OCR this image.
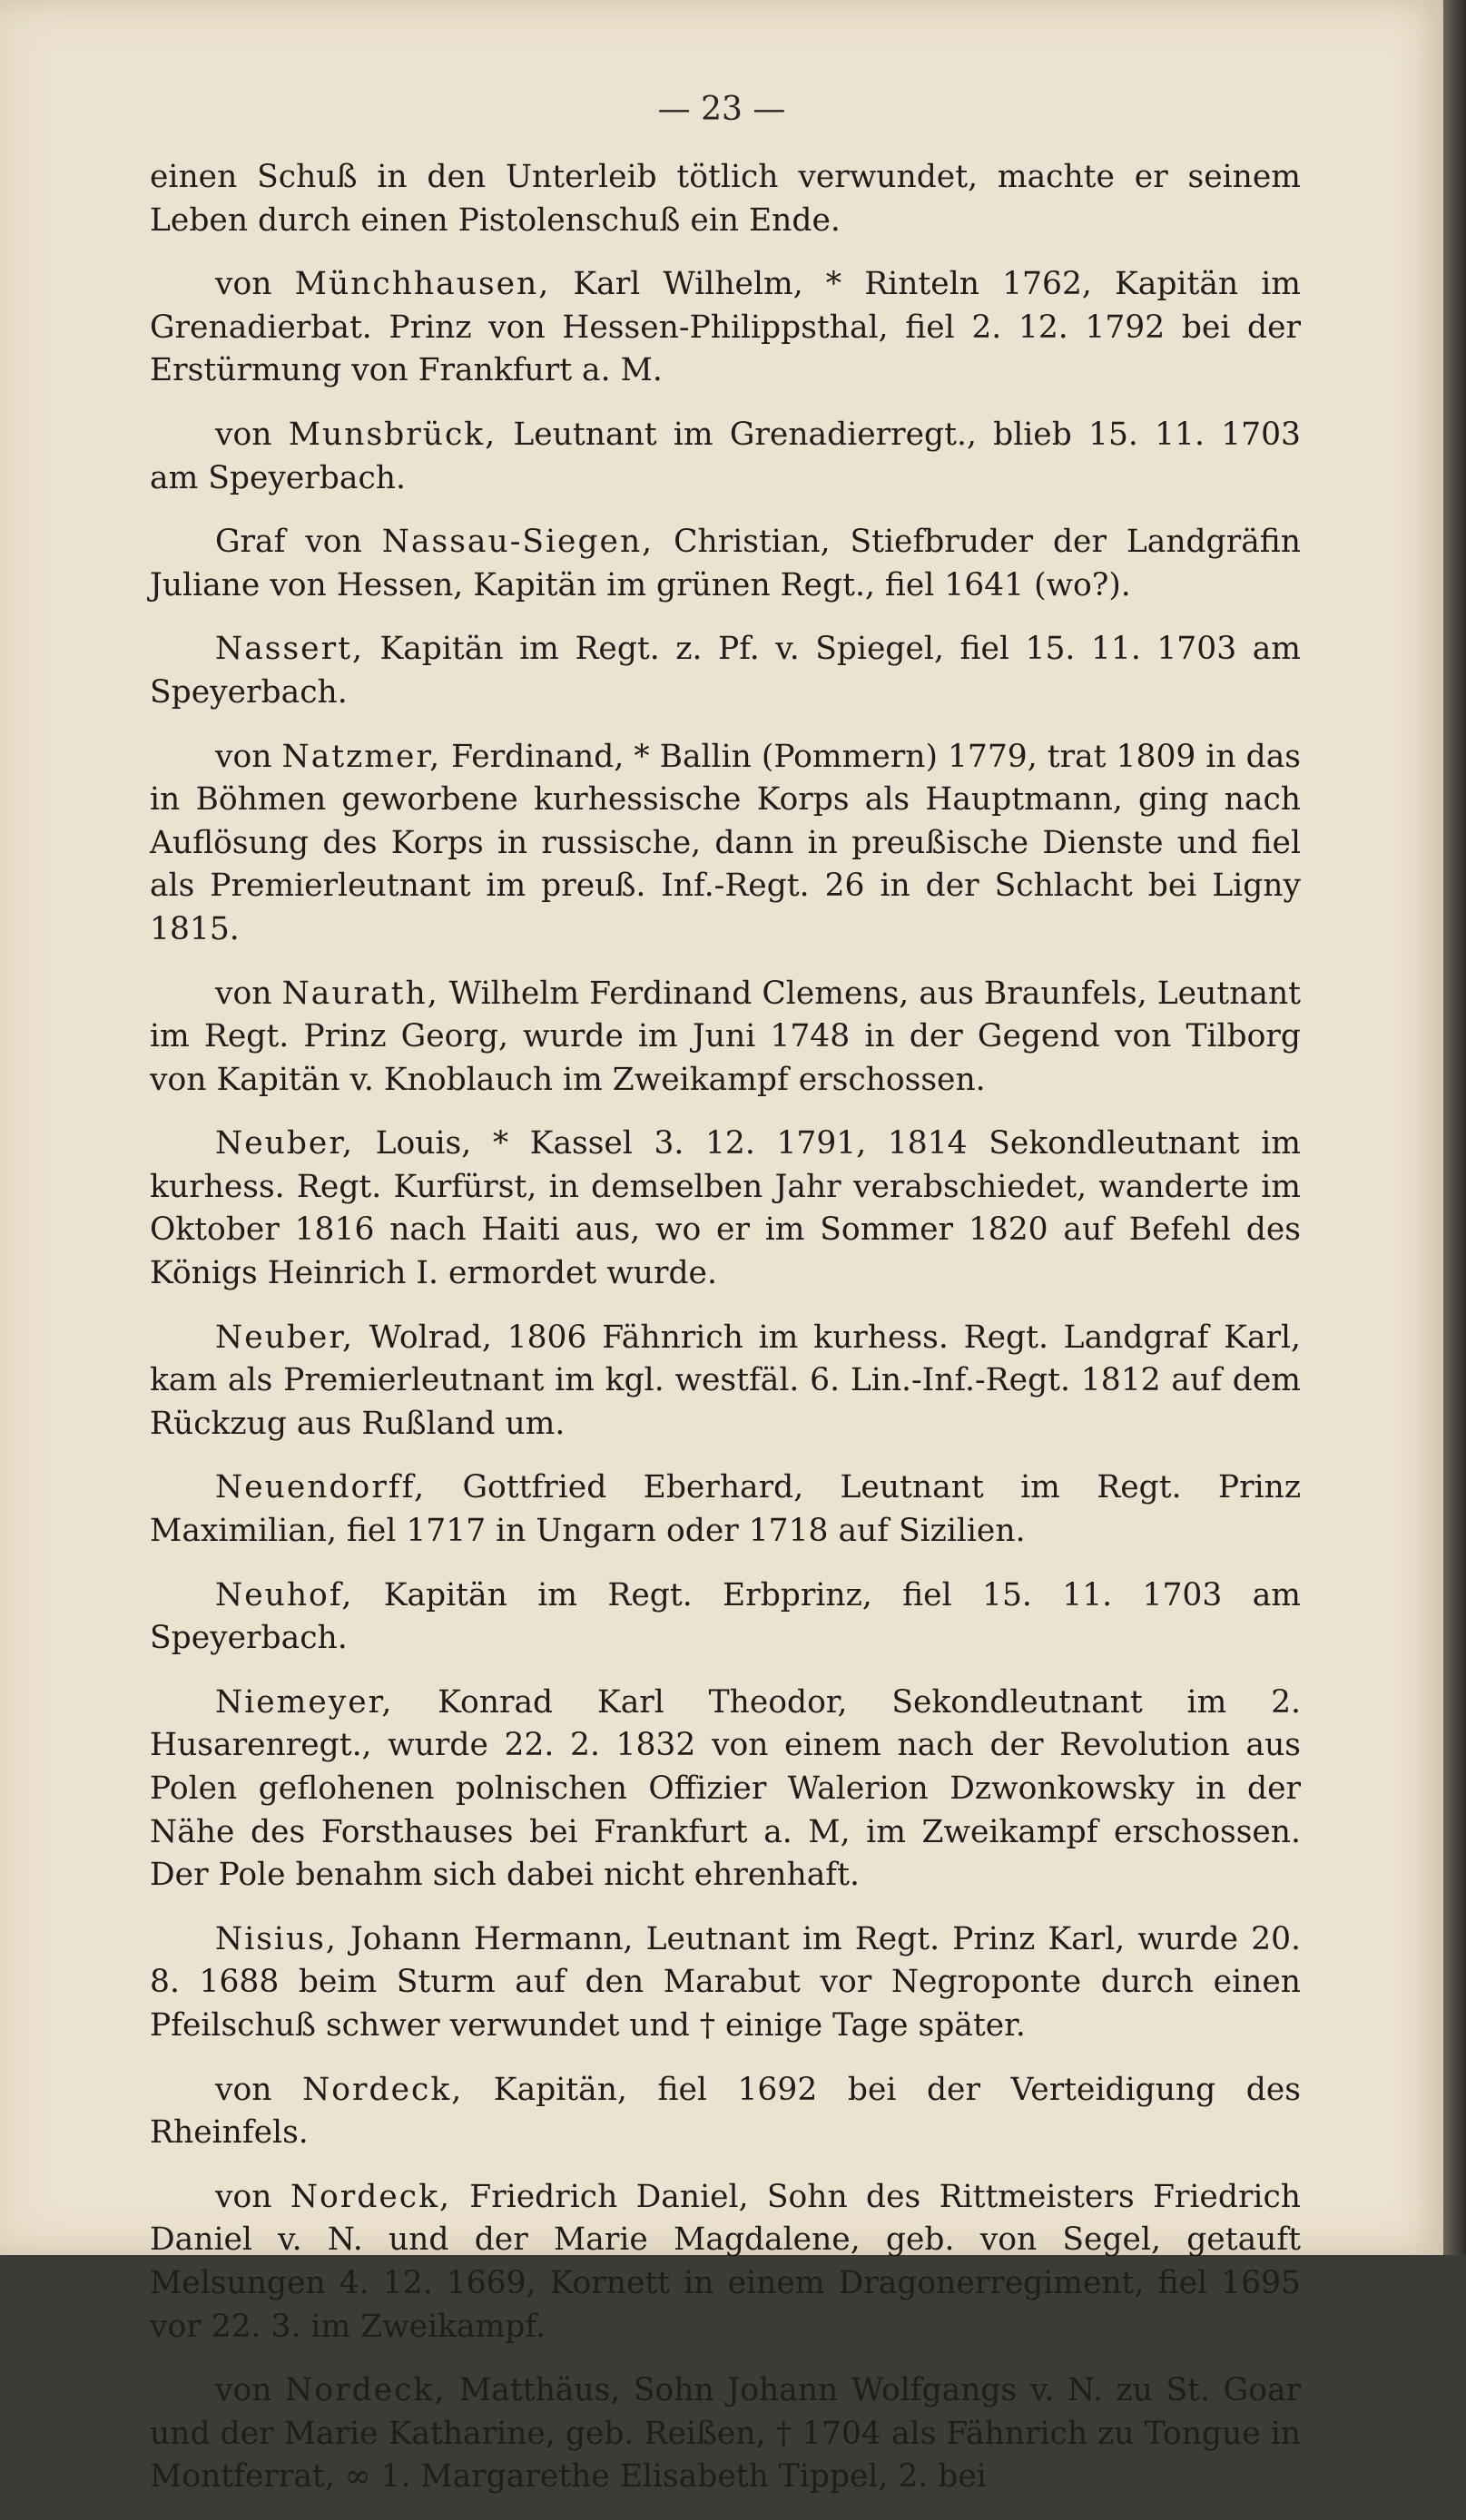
— 23 —

einen Schuß in den Unterleib tötlich verwundet, machte er seinem Leben durch einen Pistolenschuß ein Ende.

von Münchhausen, Karl Wilhelm, * Rinteln 1762, Kapitän im Grenadierbat. Prinz von Hessen-Philippsthal, fiel 2. 12. 1792 bei der Erstürmung von Frankfurt a. M.

von Munsbrück, Leutnant im Grenadierregt., blieb 15. 11. 1703 am Speyerbach.

Graf von Nassau-Siegen, Christian, Stiefbruder der Landgräfin Juliane von Hessen, Kapitän im grünen Regt., fiel 1641 (wo?).

Nassert, Kapitän im Regt. z. Pf. v. Spiegel, fiel 15. 11. 1703 am Speyerbach.

von Natzmer, Ferdinand, * Ballin (Pommern) 1779, trat 1809 in das in Böhmen geworbene kurhessische Korps als Hauptmann, ging nach Auflösung des Korps in russische, dann in preußische Dienste und fiel als Premierleutnant im preuß. Inf.-Regt. 26 in der Schlacht bei Ligny 1815.

von Naurath, Wilhelm Ferdinand Clemens, aus Braunfels, Leutnant im Regt. Prinz Georg, wurde im Juni 1748 in der Gegend von Tilborg von Kapitän v. Knoblauch im Zweikampf erschossen.

Neuber, Louis, * Kassel 3. 12. 1791, 1814 Sekondleutnant im kurhess. Regt. Kurfürst, in demselben Jahr verabschiedet, wanderte im Oktober 1816 nach Haiti aus, wo er im Sommer 1820 auf Befehl des Königs Heinrich I. ermordet wurde.

Neuber, Wolrad, 1806 Fähnrich im kurhess. Regt. Landgraf Karl, kam als Premierleutnant im kgl. westfäl. 6. Lin.-Inf.-Regt. 1812 auf dem Rückzug aus Rußland um.

Neuendorff, Gottfried Eberhard, Leutnant im Regt. Prinz Maximilian, fiel 1717 in Ungarn oder 1718 auf Sizilien.

Neuhof, Kapitän im Regt. Erbprinz, fiel 15. 11. 1703 am Speyerbach.

Niemeyer, Konrad Karl Theodor, Sekondleutnant im 2. Husarenregt., wurde 22. 2. 1832 von einem nach der Revolution aus Polen geflohenen polnischen Offizier Walerion Dzwonkowsky in der Nähe des Forsthauses bei Frankfurt a. M, im Zweikampf erschossen. Der Pole benahm sich dabei nicht ehrenhaft.

Nisius, Johann Hermann, Leutnant im Regt. Prinz Karl, wurde 20. 8. 1688 beim Sturm auf den Marabut vor Negroponte durch einen Pfeilschuß schwer verwundet und † einige Tage später.

von Nordeck, Kapitän, fiel 1692 bei der Verteidigung des Rheinfels.

von Nordeck, Friedrich Daniel, Sohn des Rittmeisters Friedrich Daniel v. N. und der Marie Magdalene, geb. von Segel, getauft Melsungen 4. 12. 1669, Kornett in einem Dragonerregiment, fiel 1695 vor 22. 3. im Zweikampf.

von Nordeck, Matthäus, Sohn Johann Wolfgangs v. N. zu St. Goar und der Marie Katharine, geb. Reißen, † 1704 als Fähnrich zu Tongue in Montferrat, ∞ 1. Margarethe Elisabeth Tippel, 2. bei
